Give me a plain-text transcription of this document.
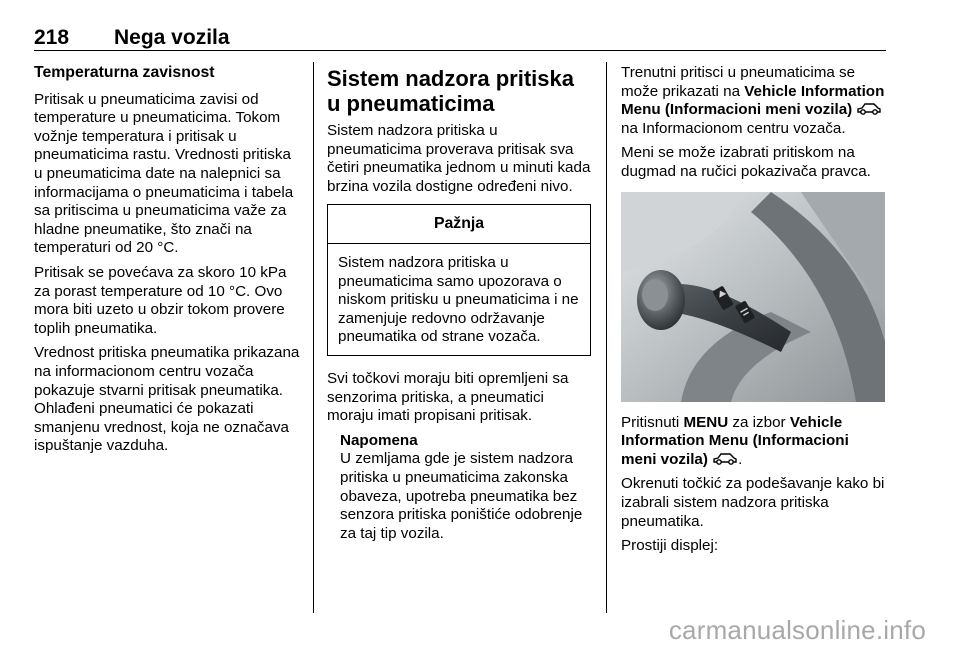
218 Nega vozila
Temperaturna zavisnost

Pritisak u pneumaticima zavisi od temperature u pneumaticima. Tokom vožnje temperatura i pritisak u pneumaticima rastu. Vrednosti pritiska u pneumaticima date na nalepnici sa informacijama o pneumaticima i tabela sa pritiscima u pneumaticima važe za hladne pneumatike, što znači na temperaturi od 20 °C.

Pritisak se povećava za skoro 10 kPa za porast temperature od 10 °C. Ovo mora biti uzeto u obzir tokom provere toplih pneumatika.

Vrednost pritiska pneumatika prikazana na informacionom centru vozača pokazuje stvarni pritisak pneumatika. Ohlađeni pneumatici će pokazati smanjenu vrednost, koja ne označava ispuštanje vazduha.

Sistem nadzora pritiska u pneumaticima

Sistem nadzora pritiska u pneumaticima proverava pritisak sva četiri pneumatika jednom u minuti kada brzina vozila dostigne određeni nivo.

Pažnja
Sistem nadzora pritiska u pneumaticima samo upozorava o niskom pritisku u pneumaticima i ne zamenjuje redovno održavanje pneumatika od strane vozača.

Svi točkovi moraju biti opremljeni sa senzorima pritiska, a pneumatici moraju imati propisani pritisak.

Napomena
U zemljama gde je sistem nadzora pritiska u pneumaticima zakonska obaveza, upotreba pneumatika bez senzora pritiska poništiće odobrenje za taj tip vozila.

Trenutni pritisci u pneumaticima se može prikazati na Vehicle Information Menu (Informacioni meni vozila)  na Informacionom centru vozača.

Meni se može izabrati pritiskom na dugmad na ručici pokazivača pravca.

Pritisnuti MENU za izbor Vehicle Information Menu (Informacioni meni vozila) .

Okrenuti točkić za podešavanje kako bi izabrali sistem nadzora pritiska pneumatika.

Prostiji displej:

carmanualsonline.info
